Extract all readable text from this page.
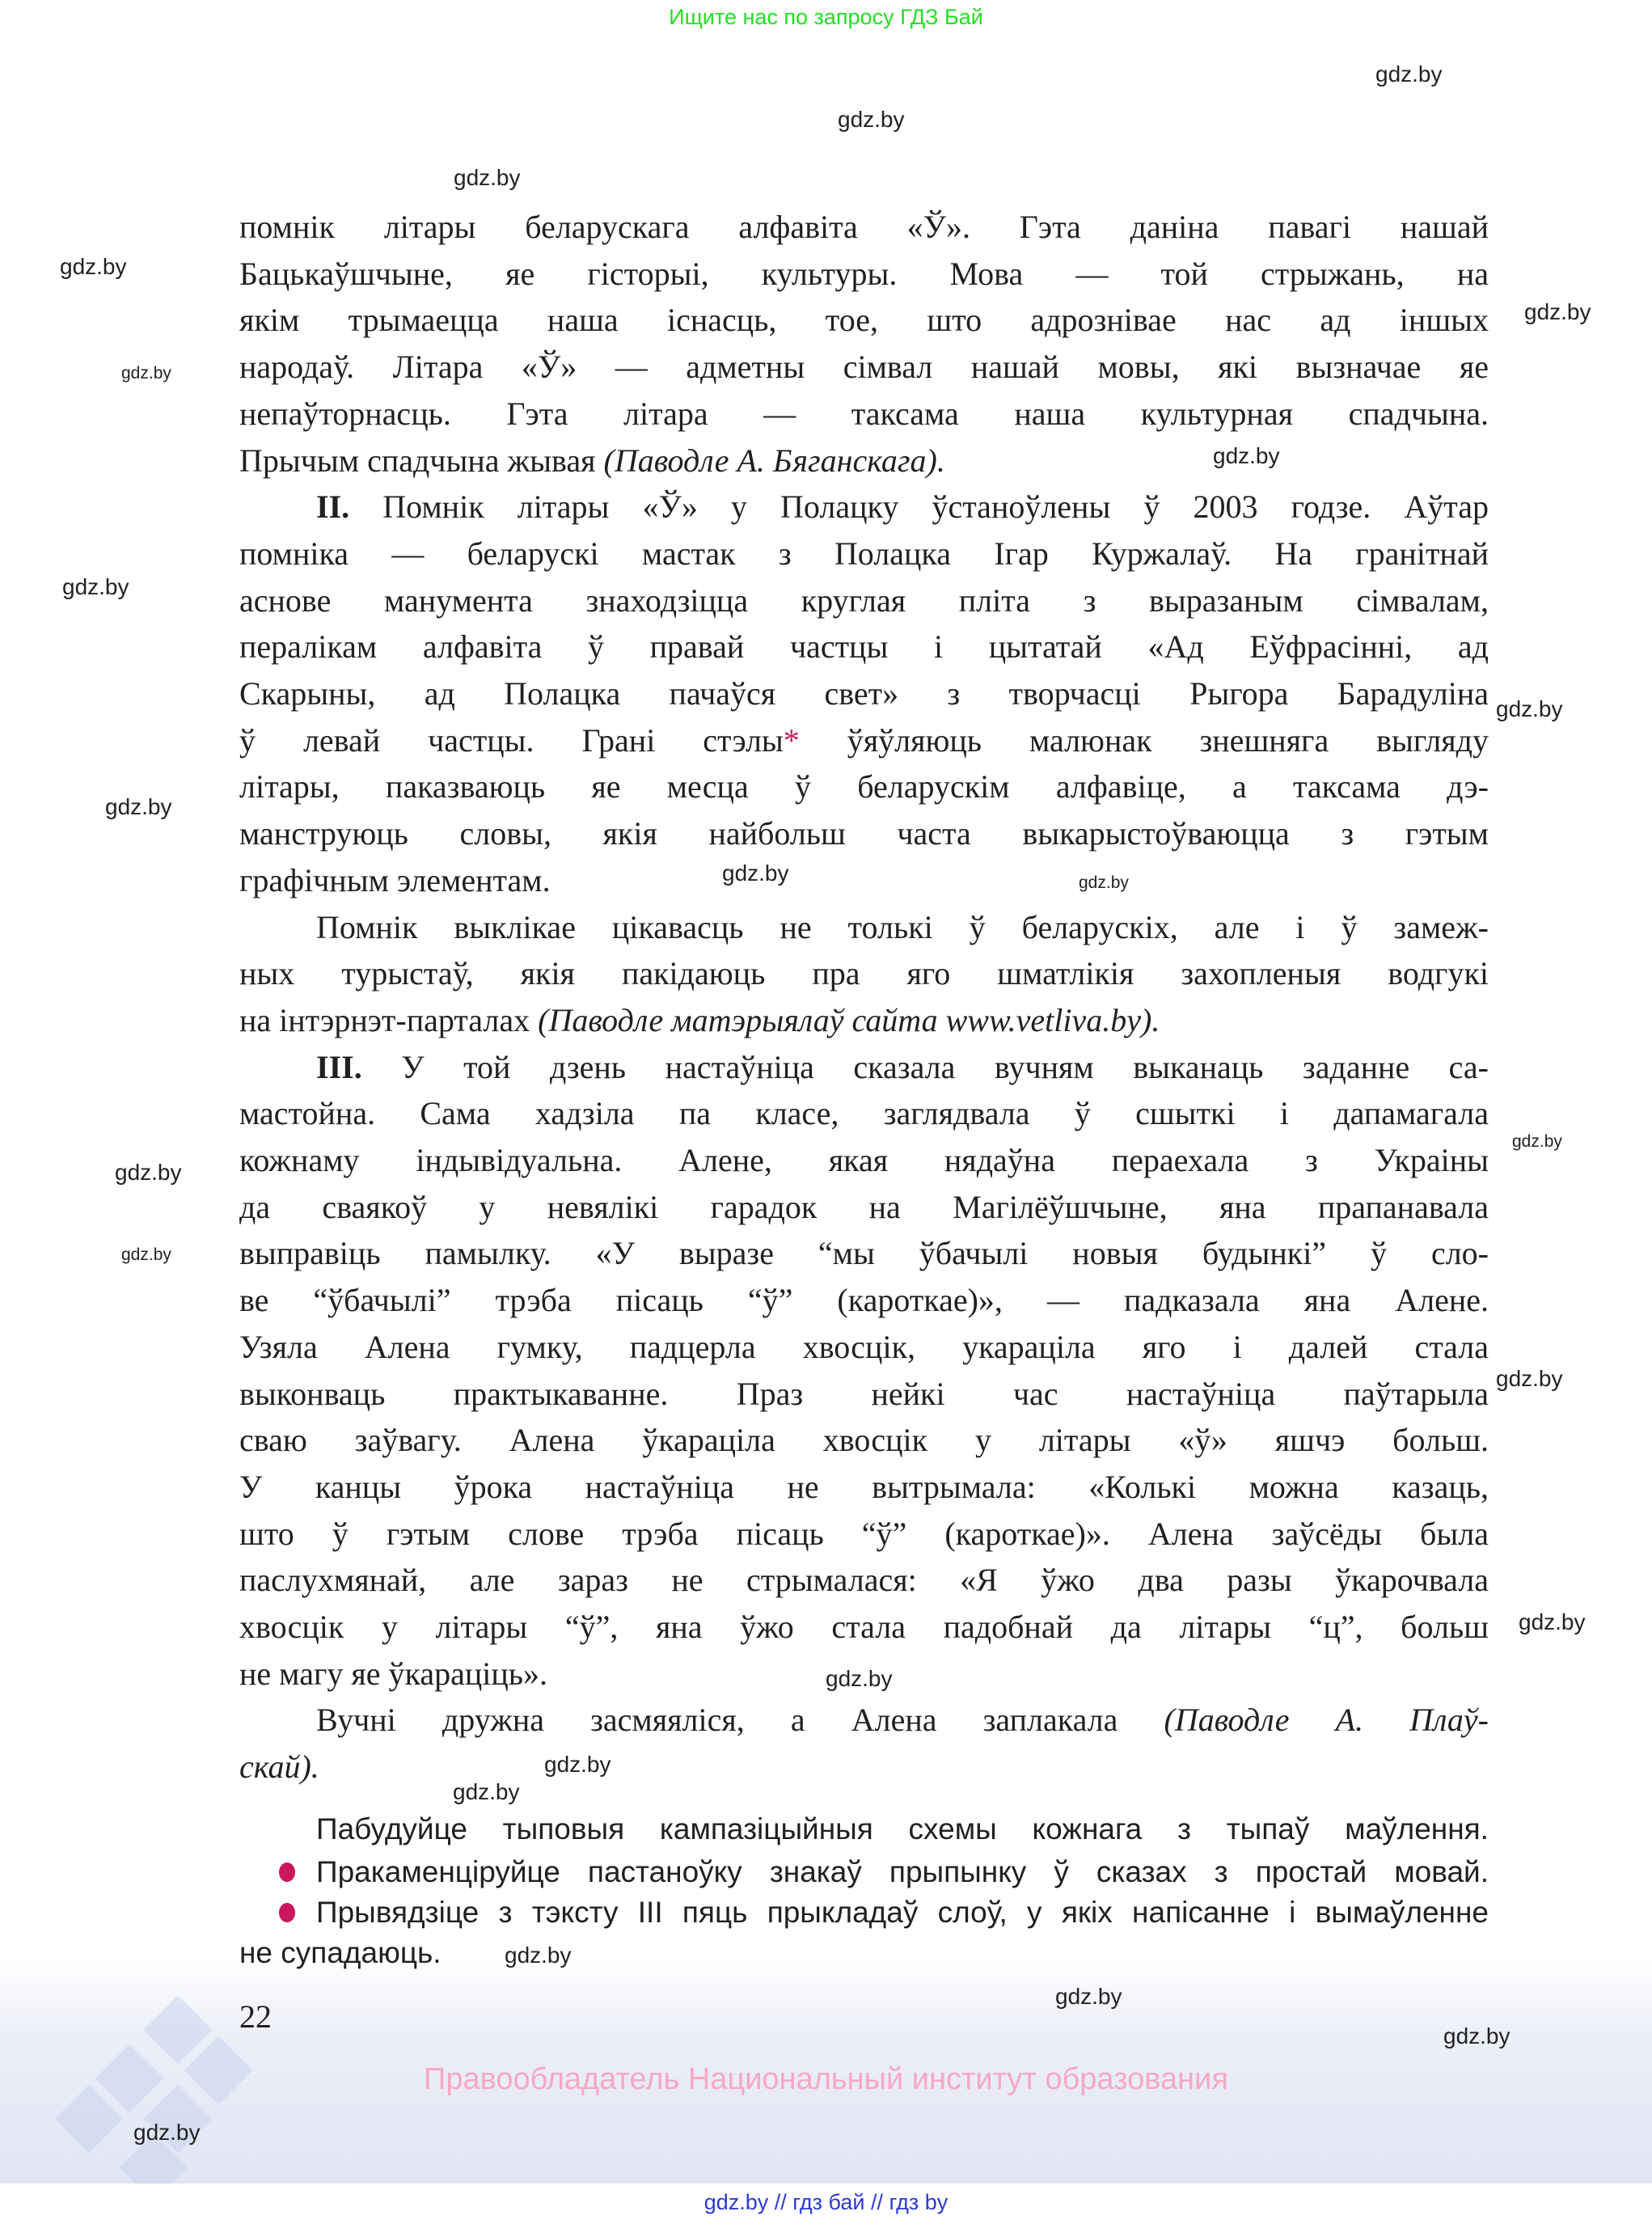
Ищите нас по запросу ГДЗ Бай
помнік літары беларускага алфавіта «Ў». Гэта даніна павагі нашай
Бацькаўшчыне, яе гісторыі, культуры. Мова — той стрыжань, на
якім трымаецца наша існасць, тое, што адрознівае нас ад іншых
народаў. Літара «Ў» — адметны сімвал нашай мовы, які вызначае яе
непаўторнасць. Гэта літара — таксама наша культурная спадчына.
Прычым спадчына жывая (Паводле А. Бяганскага).
II. Помнік літары «Ў» у Полацку ўстаноўлены ў 2003 годзе. Аўтар
помніка — беларускі мастак з Полацка Ігар Куржалаў. На гранітнай
аснове манумента знаходзіцца круглая пліта з выразаным сімвалам,
пералікам алфавіта ў правай частцы і цытатай «Ад Еўфрасінні, ад
Скарыны, ад Полацка пачаўся свет» з творчасці Рыгора Барадуліна
ў левай частцы. Грані стэлы* ўяўляюць малюнак знешняга выгляду
літары, паказваюць яе месца ў беларускім алфавіце, а таксама дэ-
манструюць словы, якія найбольш часта выкарыстоўваюцца з гэтым
графічным элементам.
Помнік выклікае цікавасць не толькі ў беларускіх, але і ў замеж-
ных турыстаў, якія пакідаюць пра яго шматлікія захопленыя водгукі
на інтэрнэт-парталах (Паводле матэрыялаў сайта www.vetliva.by).
III. У той дзень настаўніца сказала вучням выканаць заданне са-
мастойна. Сама хадзіла па класе, заглядвала ў сшыткі і дапамагала
кожнаму індывідуальна. Алене, якая нядаўна пераехала з Украіны
да сваякоў у невялікі гарадок на Магілёўшчыне, яна прапанавала
выправіць памылку. «У выразе “мы ўбачылі новыя будынкі” ў сло-
ве “ўбачылі” трэба пісаць “ў” (кароткае)», — падказала яна Алене.
Узяла Алена гумку, падцерла хвосцік, укараціла яго і далей стала
выконваць практыкаванне. Праз нейкі час настаўніца паўтарыла
сваю заўвагу. Алена ўкараціла хвосцік у літары «ў» яшчэ больш.
У канцы ўрока настаўніца не вытрымала: «Колькі можна казаць,
што ў гэтым слове трэба пісаць “ў” (кароткае)». Алена заўсёды была
паслухмянай, але зараз не стрымалася: «Я ўжо два разы ўкарочвала
хвосцік у літары “ў”, яна ўжо стала падобнай да літары “ц”, больш
не магу яе ўкараціць».
Вучні дружна засмяяліся, а Алена заплакала (Паводле А. Плаў-
скай).
Пабудуйце тыповыя кампазіцыйныя схемы кожнага з тыпаў маўлення.
Пракаменціруйце пастаноўку знакаў прыпынку ў сказах з простай мовай.
Прывядзіце з тэксту III пяць прыкладаў слоў, у якіх напісанне і вымаўленне
не супадаюць.
22
Правообладатель Национальный институт образования
gdz.by // гдз бай // гдз by
gdz.by
gdz.by
gdz.by
gdz.by
gdz.by
gdz.by
gdz.by
gdz.by
gdz.by
gdz.by
gdz.by	gdz.by
gdz.by
gdz.by
gdz.by
gdz.by
gdz.by
gdz.by
gdz.by
gdz.by
gdz.by
gdz.by
gdz.by
gdz.by
